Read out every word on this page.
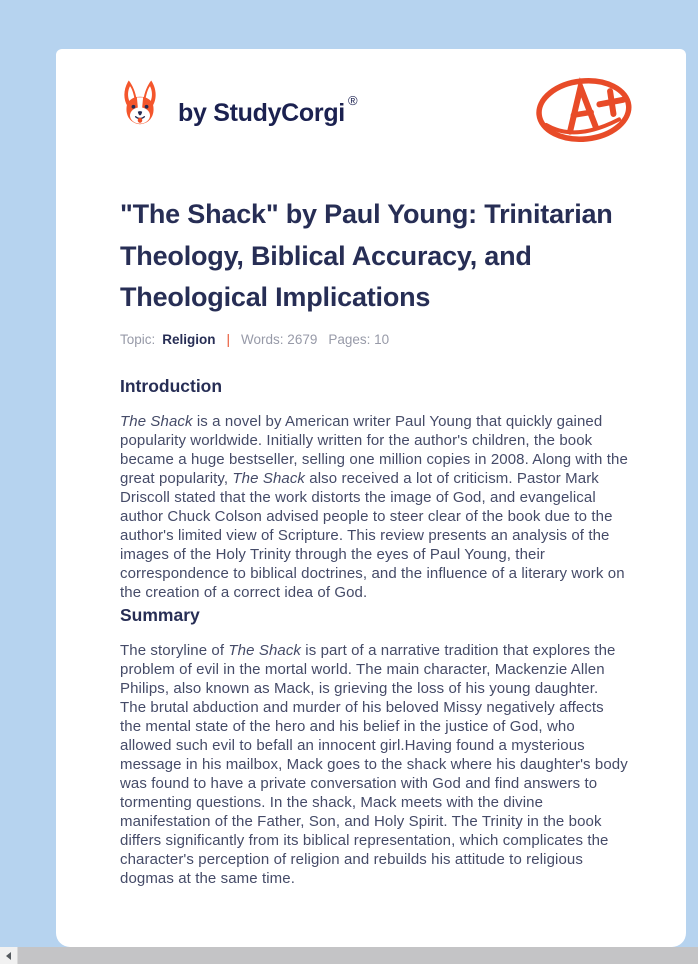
by StudyCorgi ®
"The Shack" by Paul Young: Trinitarian Theology, Biblical Accuracy, and Theological Implications
Topic: Religion | Words: 2679 Pages: 10
Introduction

The Shack is a novel by American writer Paul Young that quickly gained popularity worldwide. Initially written for the author's children, the book became a huge bestseller, selling one million copies in 2008. Along with the great popularity, The Shack also received a lot of criticism. Pastor Mark Driscoll stated that the work distorts the image of God, and evangelical author Chuck Colson advised people to steer clear of the book due to the author's limited view of Scripture. This review presents an analysis of the images of the Holy Trinity through the eyes of Paul Young, their correspondence to biblical doctrines, and the influence of a literary work on the creation of a correct idea of God.

Summary

The storyline of The Shack is part of a narrative tradition that explores the problem of evil in the mortal world. The main character, Mackenzie Allen Philips, also known as Mack, is grieving the loss of his young daughter. The brutal abduction and murder of his beloved Missy negatively affects the mental state of the hero and his belief in the justice of God, who allowed such evil to befall an innocent girl.Having found a mysterious message in his mailbox, Mack goes to the shack where his daughter's body was found to have a private conversation with God and find answers to tormenting questions. In the shack, Mack meets with the divine manifestation of the Father, Son, and Holy Spirit. The Trinity in the book differs significantly from its biblical representation, which complicates the character's perception of religion and rebuilds his attitude to religious dogmas at the same time.
